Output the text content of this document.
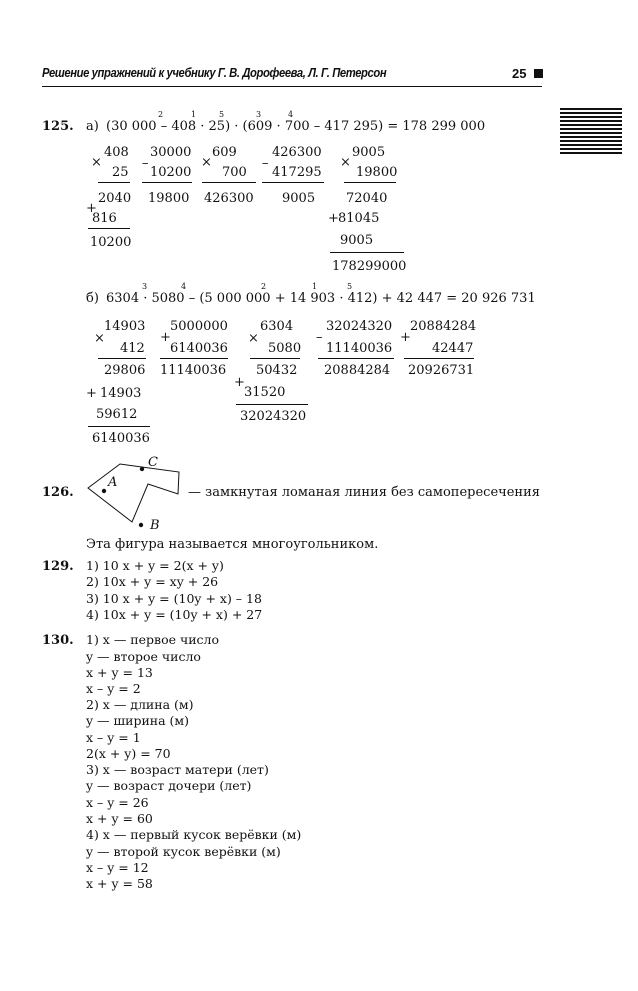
Решение упражнений к учебнику Г. В. Дорофеева, Л. Г. Петерсон	25
125. а) (30 000 – 408 · 25) · (609 · 700 – 417 295) = 178 299 000
2	1	5	3	4
408
×
25
2040
+
816
10200
30000
–
10200
19800
609
×
700
426300
426300
–
417295
9005
9005
×
19800
72040
+ 81045
9005
178299000
б) 6304 · 5080 – (5 000 000 + 14 903 · 412) + 42 447 = 20 926 731
3	4	2	1	5
14903
×
412
29806
+ 14903
59612
6140036
5000000
+
6140036
11140036
6304
×
5080
50432
+
31520
32024320
32024320
–
11140036
20884284
20884284
+
42447
20926731
126.
A
C
B
— замкнутая ломаная линия без самопересечения
Эта фигура называется многоугольником.
129. 1) 10 x + y = 2(x + y)
2) 10x + y = xy + 26
3) 10 x + y = (10y + x) – 18
4) 10x + y = (10y + x) + 27
130. 1) x — первое число
y — второе число
x + y = 13
x – y = 2
2) x — длина (м)
y — ширина (м)
x – y = 1
2(x + y) = 70
3) x — возраст матери (лет)
y — возраст дочери (лет)
x – y = 26
x + y = 60
4) x — первый кусок верёвки (м)
y — второй кусок верёвки (м)
x – y = 12
x + y = 58
